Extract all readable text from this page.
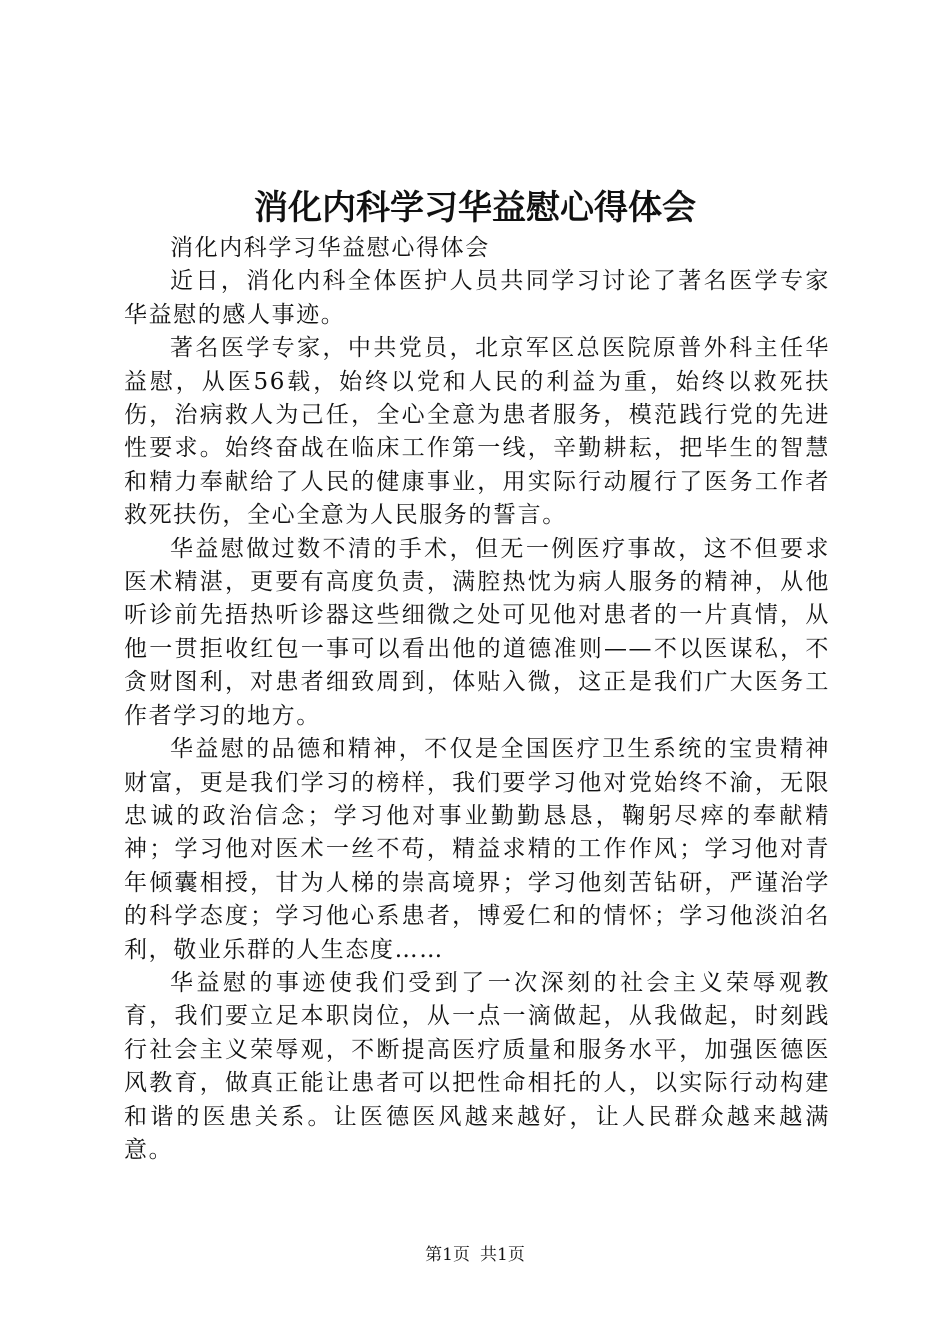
消化内科学习华益慰心得体会

消化内科学习华益慰心得体会

近日，消化内科全体医护人员共同学习讨论了著名医学专家华益慰的感人事迹。

著名医学专家，中共党员，北京军区总医院原普外科主任华益慰，从医56载，始终以党和人民的利益为重，始终以救死扶伤，治病救人为己任，全心全意为患者服务，模范践行党的先进性要求。始终奋战在临床工作第一线，辛勤耕耘，把毕生的智慧和精力奉献给了人民的健康事业，用实际行动履行了医务工作者救死扶伤，全心全意为人民服务的誓言。

华益慰做过数不清的手术，但无一例医疗事故，这不但要求医术精湛，更要有高度负责，满腔热忱为病人服务的精神，从他听诊前先捂热听诊器这些细微之处可见他对患者的一片真情，从他一贯拒收红包一事可以看出他的道德准则——不以医谋私，不贪财图利，对患者细致周到，体贴入微，这正是我们广大医务工作者学习的地方。

华益慰的品德和精神，不仅是全国医疗卫生系统的宝贵精神财富，更是我们学习的榜样，我们要学习他对党始终不渝，无限忠诚的政治信念；学习他对事业勤勤恳恳，鞠躬尽瘁的奉献精神；学习他对医术一丝不苟，精益求精的工作作风；学习他对青年倾囊相授，甘为人梯的崇高境界；学习他刻苦钻研，严谨治学的科学态度；学习他心系患者，博爱仁和的情怀；学习他淡泊名利，敬业乐群的人生态度……

华益慰的事迹使我们受到了一次深刻的社会主义荣辱观教育，我们要立足本职岗位，从一点一滴做起，从我做起，时刻践行社会主义荣辱观，不断提高医疗质量和服务水平，加强医德医风教育，做真正能让患者可以把性命相托的人，以实际行动构建和谐的医患关系。让医德医风越来越好，让人民群众越来越满意。

第1页 共1页
